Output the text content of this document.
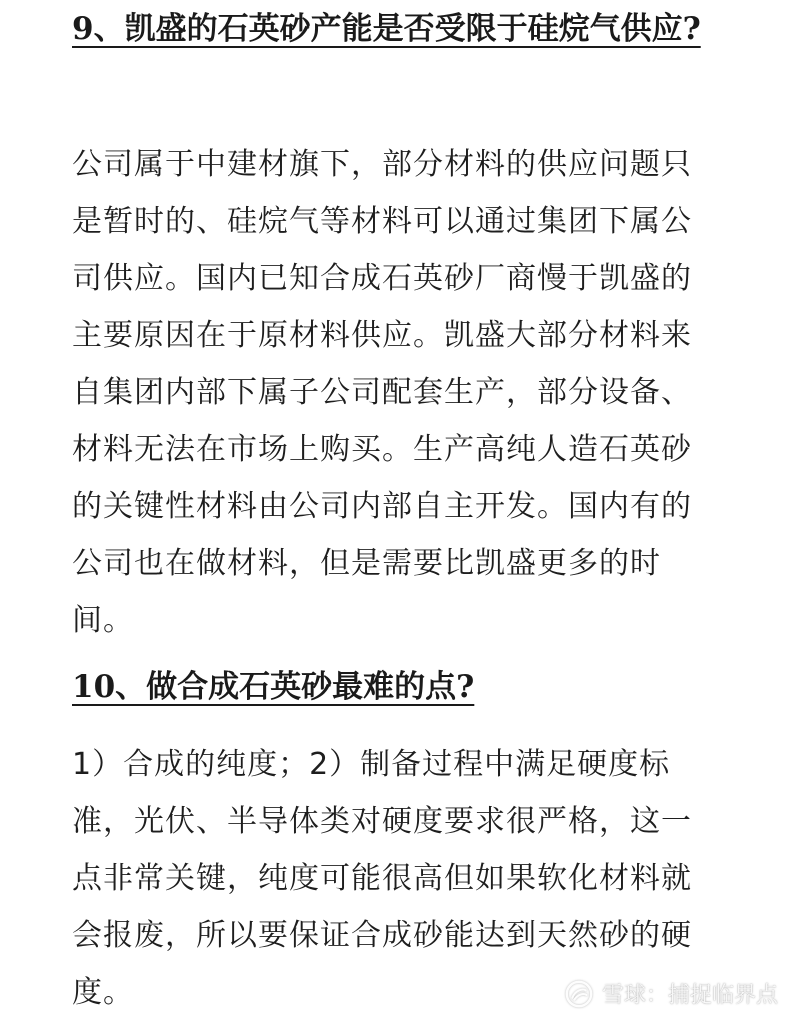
9、凯盛的石英砂产能是否受限于硅烷气供应?

公司属于中建材旗下，部分材料的供应问题只是暂时的、硅烷气等材料可以通过集团下属公司供应。国内已知合成石英砂厂商慢于凯盛的主要原因在于原材料供应。凯盛大部分材料来自集团内部下属子公司配套生产，部分设备、材料无法在市场上购买。生产高纯人造石英砂的关键性材料由公司内部自主开发。国内有的公司也在做材料，但是需要比凯盛更多的时间。

10、做合成石英砂最难的点?

1）合成的纯度；2）制备过程中满足硬度标准，光伏、半导体类对硬度要求很严格，这一点非常关键，纯度可能很高但如果软化材料就会报废，所以要保证合成砂能达到天然砂的硬度。	雪球：捕捉临界点
